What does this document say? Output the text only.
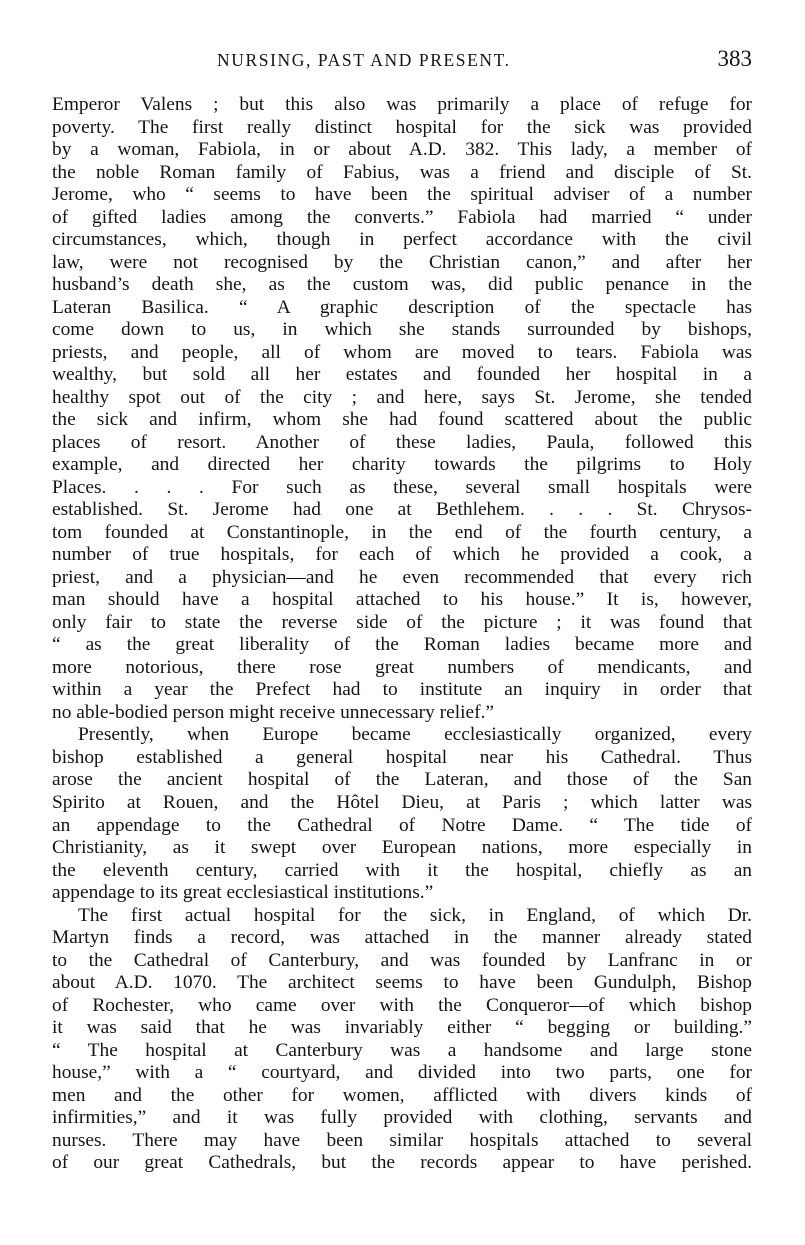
NURSING, PAST AND PRESENT.	383
Emperor Valens ; but this also was primarily a place of refuge for
poverty. The first really distinct hospital for the sick was provided
by a woman, Fabiola, in or about A.D. 382. This lady, a member of
the noble Roman family of Fabius, was a friend and disciple of St.
Jerome, who “ seems to have been the spiritual adviser of a number
of gifted ladies among the converts.” Fabiola had married “ under
circumstances, which, though in perfect accordance with the civil
law, were not recognised by the Christian canon,” and after her
husband’s death she, as the custom was, did public penance in the
Lateran Basilica. “ A graphic description of the spectacle has
come down to us, in which she stands surrounded by bishops,
priests, and people, all of whom are moved to tears. Fabiola was
wealthy, but sold all her estates and founded her hospital in a
healthy spot out of the city ; and here, says St. Jerome, she tended
the sick and infirm, whom she had found scattered about the public
places of resort. Another of these ladies, Paula, followed this
example, and directed her charity towards the pilgrims to Holy
Places. . . . For such as these, several small hospitals were
established. St. Jerome had one at Bethlehem. . . . St. Chrysos-
tom founded at Constantinople, in the end of the fourth century, a
number of true hospitals, for each of which he provided a cook, a
priest, and a physician—and he even recommended that every rich
man should have a hospital attached to his house.” It is, however,
only fair to state the reverse side of the picture ; it was found that
“ as the great liberality of the Roman ladies became more and
more notorious, there rose great numbers of mendicants, and
within a year the Prefect had to institute an inquiry in order that
no able-bodied person might receive unnecessary relief.”
Presently, when Europe became ecclesiastically organized, every
bishop established a general hospital near his Cathedral. Thus
arose the ancient hospital of the Lateran, and those of the San
Spirito at Rouen, and the Hôtel Dieu, at Paris ; which latter was
an appendage to the Cathedral of Notre Dame. “ The tide of
Christianity, as it swept over European nations, more especially in
the eleventh century, carried with it the hospital, chiefly as an
appendage to its great ecclesiastical institutions.”
The first actual hospital for the sick, in England, of which Dr.
Martyn finds a record, was attached in the manner already stated
to the Cathedral of Canterbury, and was founded by Lanfranc in or
about A.D. 1070. The architect seems to have been Gundulph, Bishop
of Rochester, who came over with the Conqueror—of which bishop
it was said that he was invariably either “ begging or building.”
“ The hospital at Canterbury was a handsome and large stone
house,” with a “ courtyard, and divided into two parts, one for
men and the other for women, afflicted with divers kinds of
infirmities,” and it was fully provided with clothing, servants and
nurses. There may have been similar hospitals attached to several
of our great Cathedrals, but the records appear to have perished.
